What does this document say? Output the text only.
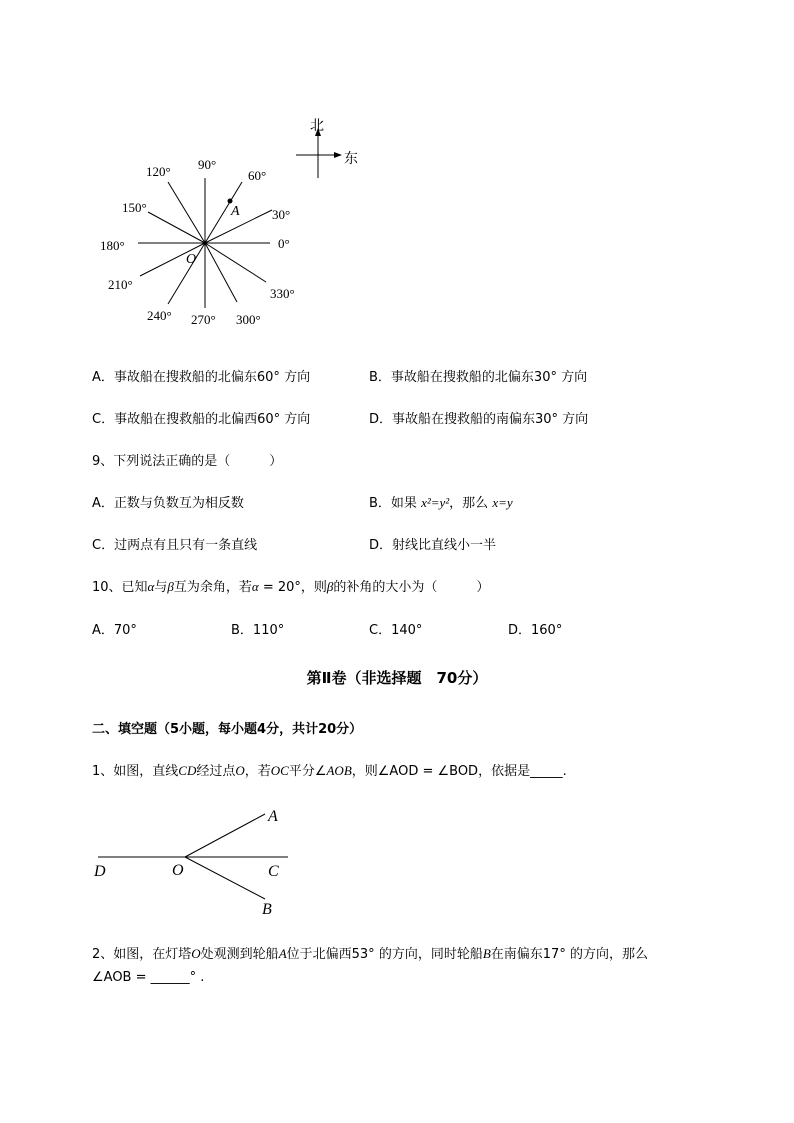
北
东
0°
30°
60°
90°
120°
150°
180°
210°
240° 270° 300°
330°
A
O
A．事故船在搜救船的北偏东60° 方向	B．事故船在搜救船的北偏东30° 方向
C．事故船在搜救船的北偏西60° 方向	D．事故船在搜救船的南偏东30° 方向
9、下列说法正确的是（　　　）
A．正数与负数互为相反数	B．如果 x²=y²，那么 x=y
C．过两点有且只有一条直线	D．射线比直线小一半
10、已知α与β互为余角，若α = 20°，则β的补角的大小为（　　　）
A．70°	B．110°	C．140°	D．160°
第Ⅱ卷（非选择题　70分）
二、填空题（5小题，每小题4分，共计20分）
1、如图，直线CD经过点O，若OC平分∠AOB，则∠AOD = ∠BOD，依据是_____.
A
D	O	C
B
2、如图，在灯塔O处观测到轮船A位于北偏西53° 的方向，同时轮船B在南偏东17° 的方向，那么
∠AOB = ______° .
